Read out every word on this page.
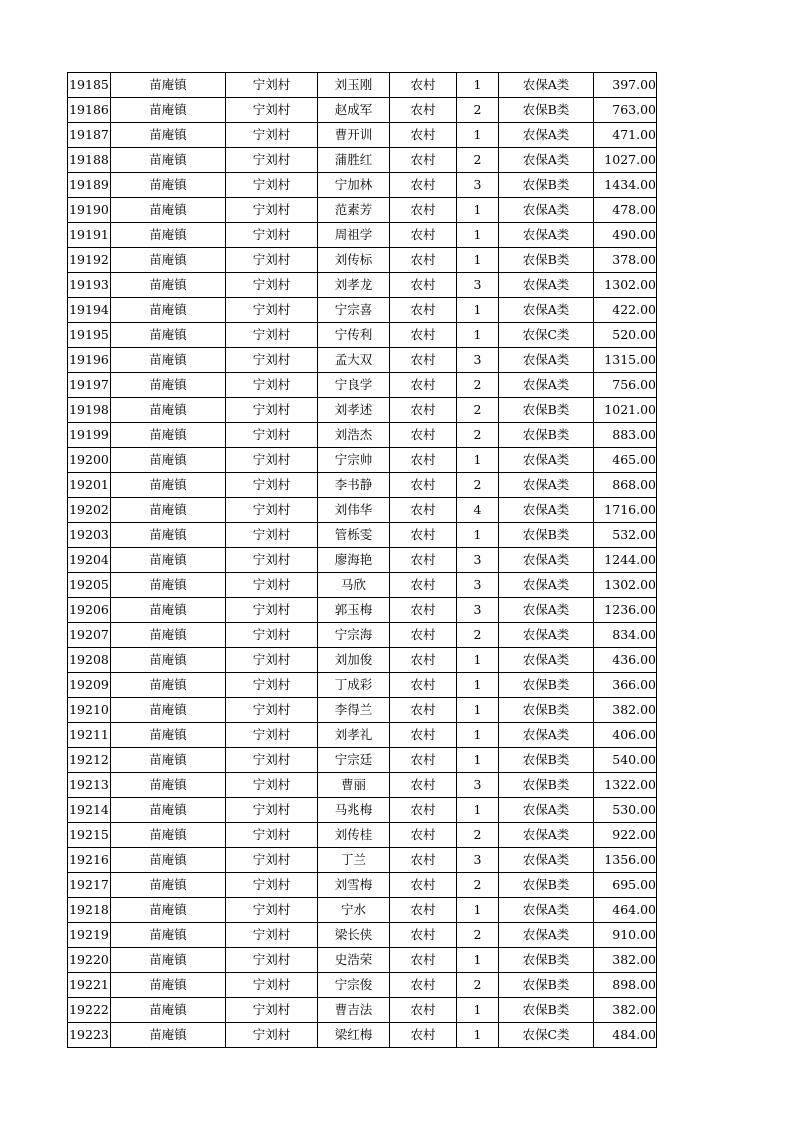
19185	苗庵镇	宁刘村	刘玉刚	农村	1	农保A类	397.00
19186	苗庵镇	宁刘村	赵成军	农村	2	农保B类	763.00
19187	苗庵镇	宁刘村	曹开训	农村	1	农保A类	471.00
19188	苗庵镇	宁刘村	蒲胜红	农村	2	农保A类	1027.00
19189	苗庵镇	宁刘村	宁加林	农村	3	农保B类	1434.00
19190	苗庵镇	宁刘村	范素芳	农村	1	农保A类	478.00
19191	苗庵镇	宁刘村	周祖学	农村	1	农保A类	490.00
19192	苗庵镇	宁刘村	刘传标	农村	1	农保B类	378.00
19193	苗庵镇	宁刘村	刘孝龙	农村	3	农保A类	1302.00
19194	苗庵镇	宁刘村	宁宗喜	农村	1	农保A类	422.00
19195	苗庵镇	宁刘村	宁传利	农村	1	农保C类	520.00
19196	苗庵镇	宁刘村	孟大双	农村	3	农保A类	1315.00
19197	苗庵镇	宁刘村	宁良学	农村	2	农保A类	756.00
19198	苗庵镇	宁刘村	刘孝述	农村	2	农保B类	1021.00
19199	苗庵镇	宁刘村	刘浩杰	农村	2	农保B类	883.00
19200	苗庵镇	宁刘村	宁宗帅	农村	1	农保A类	465.00
19201	苗庵镇	宁刘村	李书静	农村	2	农保A类	868.00
19202	苗庵镇	宁刘村	刘伟华	农村	4	农保A类	1716.00
19203	苗庵镇	宁刘村	管栎雯	农村	1	农保B类	532.00
19204	苗庵镇	宁刘村	廖海艳	农村	3	农保A类	1244.00
19205	苗庵镇	宁刘村	马欣	农村	3	农保A类	1302.00
19206	苗庵镇	宁刘村	郭玉梅	农村	3	农保A类	1236.00
19207	苗庵镇	宁刘村	宁宗海	农村	2	农保A类	834.00
19208	苗庵镇	宁刘村	刘加俊	农村	1	农保A类	436.00
19209	苗庵镇	宁刘村	丁成彩	农村	1	农保B类	366.00
19210	苗庵镇	宁刘村	李得兰	农村	1	农保B类	382.00
19211	苗庵镇	宁刘村	刘孝礼	农村	1	农保A类	406.00
19212	苗庵镇	宁刘村	宁宗廷	农村	1	农保B类	540.00
19213	苗庵镇	宁刘村	曹丽	农村	3	农保B类	1322.00
19214	苗庵镇	宁刘村	马兆梅	农村	1	农保A类	530.00
19215	苗庵镇	宁刘村	刘传桂	农村	2	农保A类	922.00
19216	苗庵镇	宁刘村	丁兰	农村	3	农保A类	1356.00
19217	苗庵镇	宁刘村	刘雪梅	农村	2	农保B类	695.00
19218	苗庵镇	宁刘村	宁水	农村	1	农保A类	464.00
19219	苗庵镇	宁刘村	梁长侠	农村	2	农保A类	910.00
19220	苗庵镇	宁刘村	史浩荣	农村	1	农保B类	382.00
19221	苗庵镇	宁刘村	宁宗俊	农村	2	农保B类	898.00
19222	苗庵镇	宁刘村	曹吉法	农村	1	农保B类	382.00
19223	苗庵镇	宁刘村	梁红梅	农村	1	农保C类	484.00
